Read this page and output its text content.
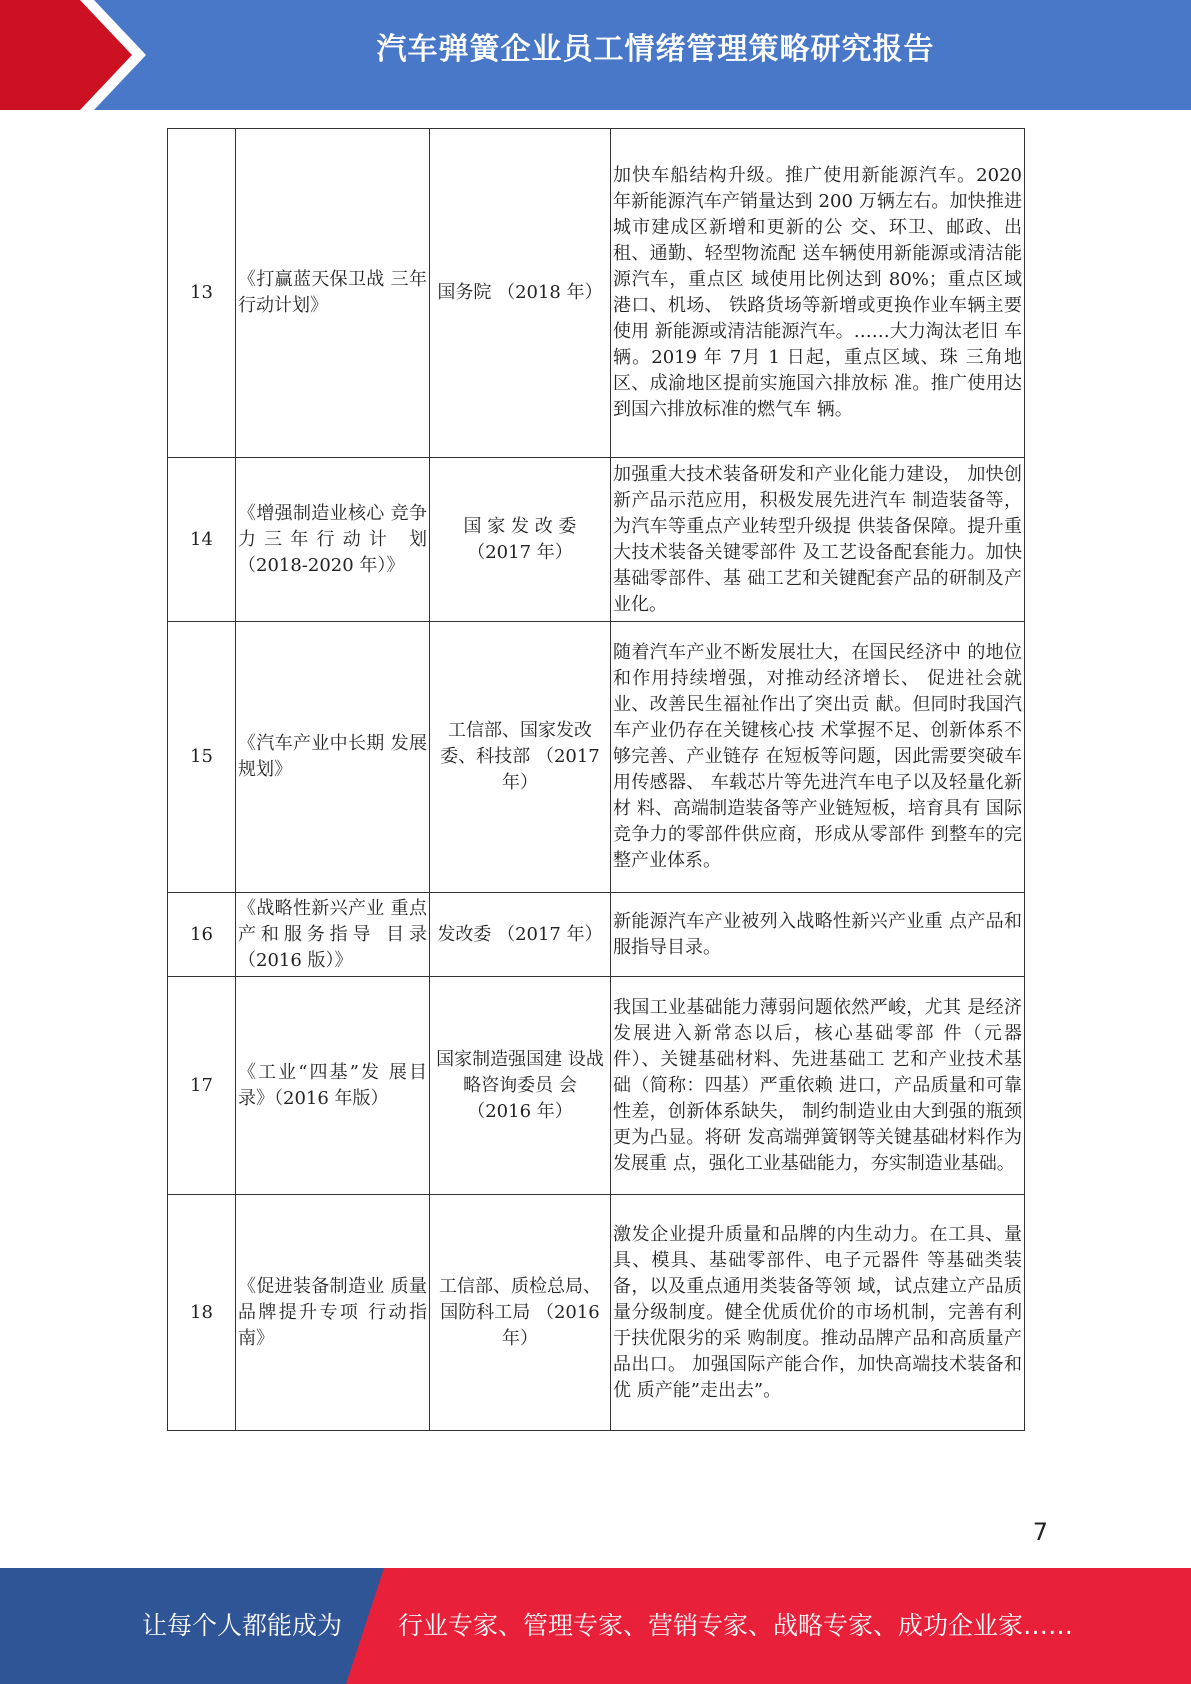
汽车弹簧企业员工情绪管理策略研究报告
13	《打赢蓝天保卫战 三年行动计划》	国务院 （2018 年）	加快车船结构升级。推广使用新能源汽车。2020 年新能源汽车产销量达到 200 万辆左右。加快推进城市建成区新增和更新的公 交、环卫、邮政、出租、通勤、轻型物流配 送车辆使用新能源或清洁能源汽车，重点区 域使用比例达到 80%；重点区域港口、机场、 铁路货场等新增或更换作业车辆主要使用 新能源或清洁能源汽车。……大力淘汰老旧 车辆。2019 年 7月 1 日起，重点区域、珠 三角地区、成渝地区提前实施国六排放标 准。推广使用达到国六排放标准的燃气车 辆。
14	《增强制造业核心 竞争力三年行动计 划（2018-2020 年）》	国 家 发 改 委 （2017 年）	加强重大技术装备研发和产业化能力建设， 加快创新产品示范应用，积极发展先进汽车 制造装备等，为汽车等重点产业转型升级提 供装备保障。提升重大技术装备关键零部件 及工艺设备配套能力。加快基础零部件、基 础工艺和关键配套产品的研制及产业化。
15	《汽车产业中长期 发展规划》	工信部、国家发改委、科技部 （2017 年）	随着汽车产业不断发展壮大，在国民经济中 的地位和作用持续增强，对推动经济增长、 促进社会就业、改善民生福祉作出了突出贡 献。但同时我国汽车产业仍存在关键核心技 术掌握不足、创新体系不够完善、产业链存 在短板等问题，因此需要突破车用传感器、 车载芯片等先进汽车电子以及轻量化新材 料、高端制造装备等产业链短板，培育具有 国际竞争力的零部件供应商，形成从零部件 到整车的完整产业体系。
16	《战略性新兴产业 重点产和服务指导 目录（2016 版）》	发改委 （2017 年）	新能源汽车产业被列入战略性新兴产业重 点产品和服指导目录。
17	《工业“四基”发 展目录》（2016 年版）	国家制造强国建 设战略咨询委员 会（2016 年）	我国工业基础能力薄弱问题依然严峻，尤其 是经济发展进入新常态以后，核心基础零部 件（元器件）、关键基础材料、先进基础工 艺和产业技术基础（简称：四基）严重依赖 进口，产品质量和可靠性差，创新体系缺失， 制约制造业由大到强的瓶颈更为凸显。将研 发高端弹簧钢等关键基础材料作为发展重 点，强化工业基础能力，夯实制造业基础。
18	《促进装备制造业 质量品牌提升专项 行动指南》	工信部、质检总局、国防科工局 （2016 年）	激发企业提升质量和品牌的内生动力。在工具、量具、模具、基础零部件、电子元器件 等基础类装备，以及重点通用类装备等领 域，试点建立产品质量分级制度。健全优质优价的市场机制，完善有利于扶优限劣的采 购制度。推动品牌产品和高质量产品出口。 加强国际产能合作，加快高端技术装备和优 质产能”走出去”。
7
让每个人都能成为 行业专家、管理专家、营销专家、战略专家、成功企业家……
